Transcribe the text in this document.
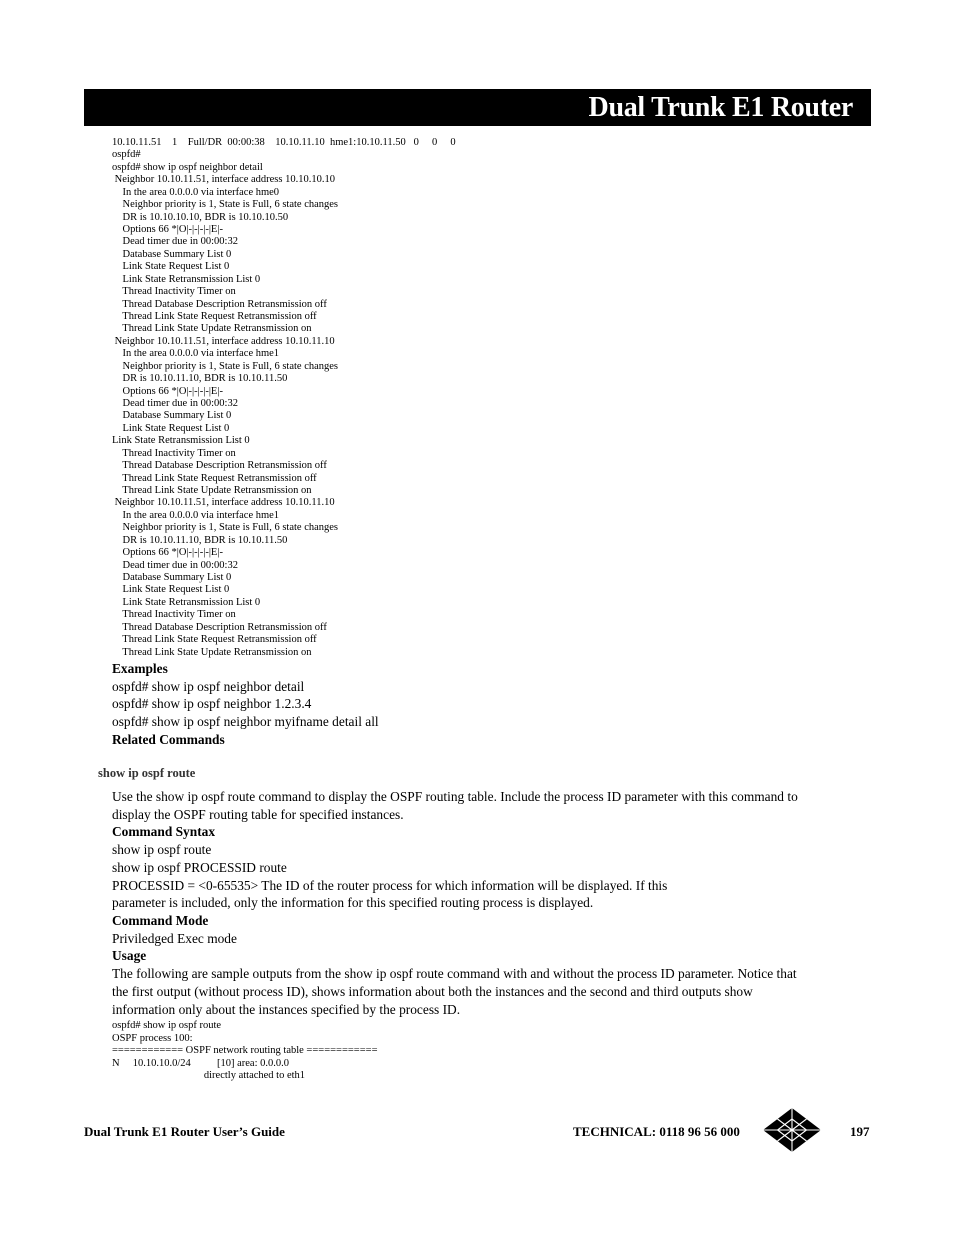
Dual Trunk E1 Router
10.10.11.51    1    Full/DR  00:00:38    10.10.11.10  hme1:10.10.11.50   0     0     0
ospfd#
ospfd# show ip ospf neighbor detail
Neighbor 10.10.11.51, interface address 10.10.10.10
In the area 0.0.0.0 via interface hme0
Neighbor priority is 1, State is Full, 6 state changes
DR is 10.10.10.10, BDR is 10.10.10.50
Options 66 *|O|-|-|-|-|E|-
Dead timer due in 00:00:32
Database Summary List 0
Link State Request List 0
Link State Retransmission List 0
Thread Inactivity Timer on
Thread Database Description Retransmission off
Thread Link State Request Retransmission off
Thread Link State Update Retransmission on
Neighbor 10.10.11.51, interface address 10.10.11.10
In the area 0.0.0.0 via interface hme1
Neighbor priority is 1, State is Full, 6 state changes
DR is 10.10.11.10, BDR is 10.10.11.50
Options 66 *|O|-|-|-|-|E|-
Dead timer due in 00:00:32
Database Summary List 0
Link State Request List 0
Link State Retransmission List 0
Thread Inactivity Timer on
Thread Database Description Retransmission off
Thread Link State Request Retransmission off
Thread Link State Update Retransmission on
Neighbor 10.10.11.51, interface address 10.10.11.10
In the area 0.0.0.0 via interface hme1
Neighbor priority is 1, State is Full, 6 state changes
DR is 10.10.11.10, BDR is 10.10.11.50
Options 66 *|O|-|-|-|-|E|-
Dead timer due in 00:00:32
Database Summary List 0
Link State Request List 0
Link State Retransmission List 0
Thread Inactivity Timer on
Thread Database Description Retransmission off
Thread Link State Request Retransmission off
Thread Link State Update Retransmission on
Examples
ospfd# show ip ospf neighbor detail
ospfd# show ip ospf neighbor 1.2.3.4
ospfd# show ip ospf neighbor myifname detail all
Related Commands
show ip ospf route
Use the show ip ospf route command to display the OSPF routing table. Include the process ID parameter with this command to
display the OSPF routing table for specified instances.
Command Syntax
show ip ospf route
show ip ospf PROCESSID route
PROCESSID = <0-65535> The ID of the router process for which information will be displayed. If this
parameter is included, only the information for this specified routing process is displayed.
Command Mode
Priviledged Exec mode
Usage
The following are sample outputs from the show ip ospf route command with and without the process ID parameter. Notice that
the first output (without process ID), shows information about both the instances and the second and third outputs show
information only about the instances specified by the process ID.
ospfd# show ip ospf route
OSPF process 100:
============ OSPF network routing table ============
N     10.10.10.0/24          [10] area: 0.0.0.0
directly attached to eth1
Dual Trunk E1 Router User’s Guide	TECHNICAL: 0118 96 56 000	197
